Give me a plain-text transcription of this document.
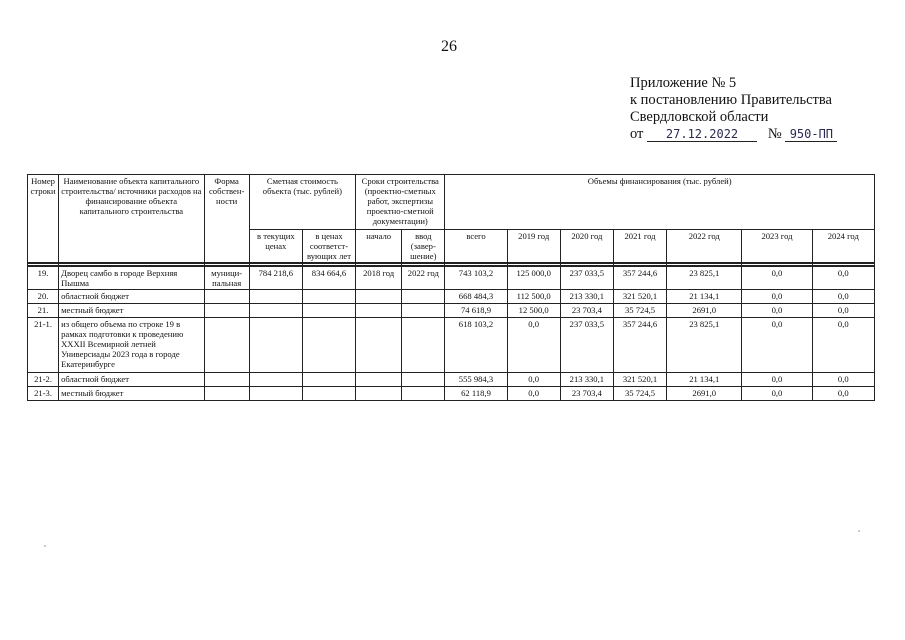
26
Приложение № 5
к постановлению Правительства
Свердловской области
от 27.12.2022 № 950-ПП
Номер строки	Наименование объекта капитального строительства/ источники расходов на финансирование объекта капитального строительства	Форма собствен-ности	Сметная стоимость объекта (тыс. рублей)		Сроки строительства (проектно-сметных работ, экспертизы проектно-сметной документации)		Объемы финансирования (тыс. рублей)						
			в текущих ценах	в ценах соответст-вующих лет	начало	ввод (завер-шение)	всего	2019 год	2020 год	2021 год	2022 год	2023 год	2024 год

19.	Дворец самбо в городе Верхняя Пышма	муници-пальная	784 218,6	834 664,6	2018 год	2022 год	743 103,2	125 000,0	237 033,5	357 244,6	23 825,1	0,0	0,0
20.	областной бюджет						668 484,3	112 500,0	213 330,1	321 520,1	21 134,1	0,0	0,0
21.	местный бюджет						74 618,9	12 500,0	23 703,4	35 724,5	2691,0	0,0	0,0
21-1.	из общего объема по строке 19 в рамках подготовки к проведению XXXII Всемирной летней Универсиады 2023 года в городе Екатеринбурге						618 103,2	0,0	237 033,5	357 244,6	23 825,1	0,0	0,0
21-2.	областной бюджет						555 984,3	0,0	213 330,1	321 520,1	21 134,1	0,0	0,0
21-3.	местный бюджет						62 118,9	0,0	23 703,4	35 724,5	2691,0	0,0	0,0
